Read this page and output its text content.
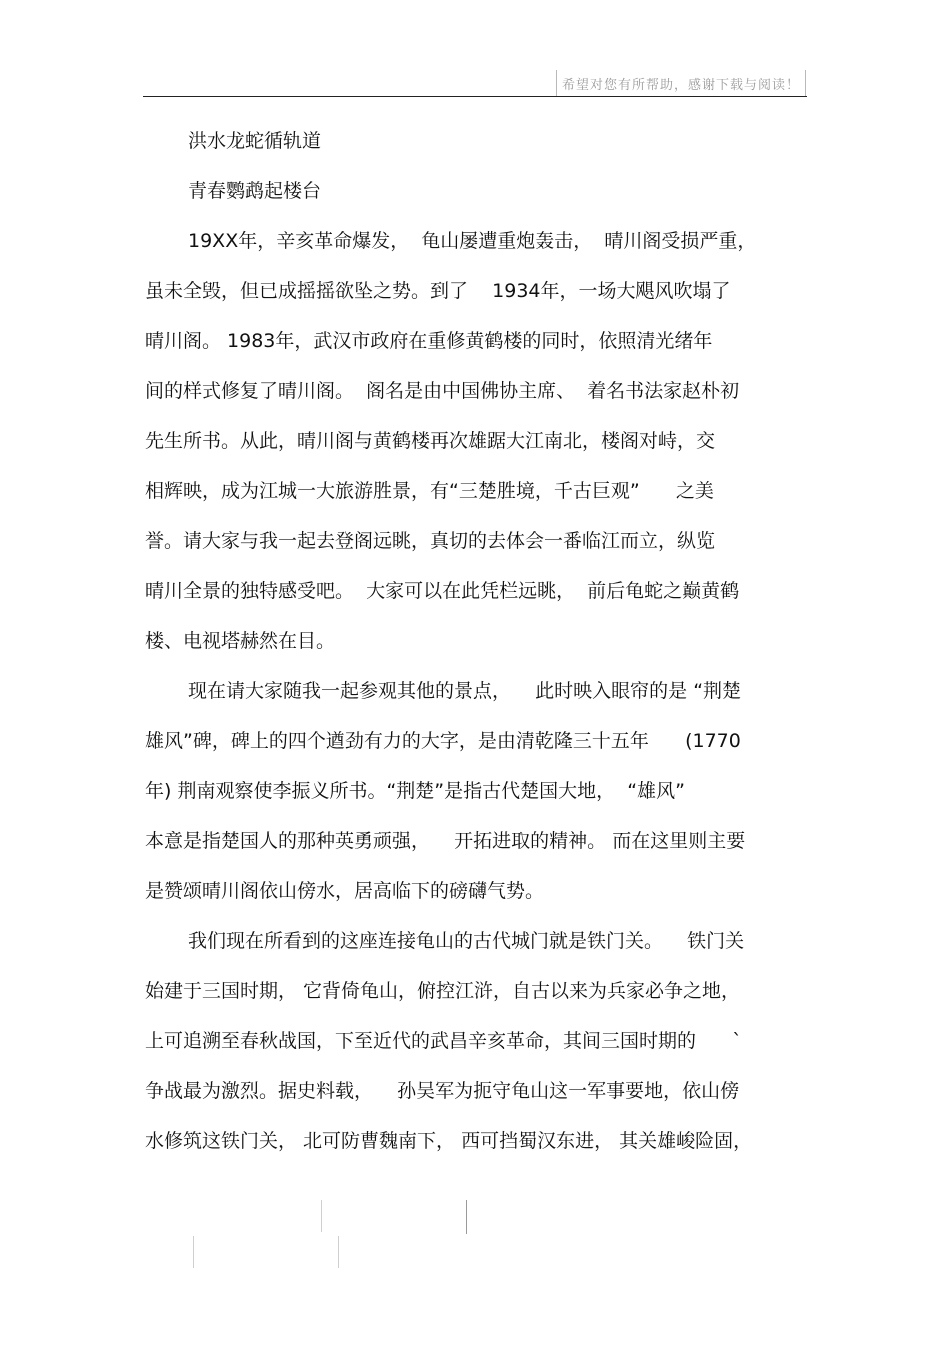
希望对您有所帮助，感谢下载与阅读！
洪水龙蛇循轨道
青春鹦鹉起楼台
19XX年，辛亥革命爆发，  龟山屡遭重炮轰击，  晴川阁受损严重，
虽未全毁，但已成摇摇欲坠之势。到了    1934年，一场大飓风吹塌了
晴川阁。 1983年，武汉市政府在重修黄鹤楼的同时，依照清光绪年
间的样式修复了晴川阁。  阁名是由中国佛协主席、  着名书法家赵朴初
先生所书。从此，晴川阁与黄鹤楼再次雄踞大江南北，楼阁对峙，交
相辉映，成为江城一大旅游胜景，有“三楚胜境，千古巨观”      之美
誉。请大家与我一起去登阁远眺，真切的去体会一番临江而立，纵览
晴川全景的独特感受吧。  大家可以在此凭栏远眺，  前后龟蛇之巅黄鹤
楼、电视塔赫然在目。
现在请大家随我一起参观其他的景点，    此时映入眼帘的是 “荆楚
雄风”碑，碑上的四个遒劲有力的大字，是由清乾隆三十五年      (1770
年) 荆南观察使李振义所书。“荆楚”是指古代楚国大地，  “雄风”
本意是指楚国人的那种英勇顽强，    开拓进取的精神。 而在这里则主要
是赞颂晴川阁依山傍水，居高临下的磅礴气势。
我们现在所看到的这座连接龟山的古代城门就是铁门关。    铁门关
始建于三国时期， 它背倚龟山，俯控江浒，自古以来为兵家必争之地，
上可追溯至春秋战国，下至近代的武昌辛亥革命，其间三国时期的      `
争战最为激烈。据史料载，    孙吴军为扼守龟山这一军事要地，依山傍
水修筑这铁门关， 北可防曹魏南下， 西可挡蜀汉东进， 其关雄峻险固，
